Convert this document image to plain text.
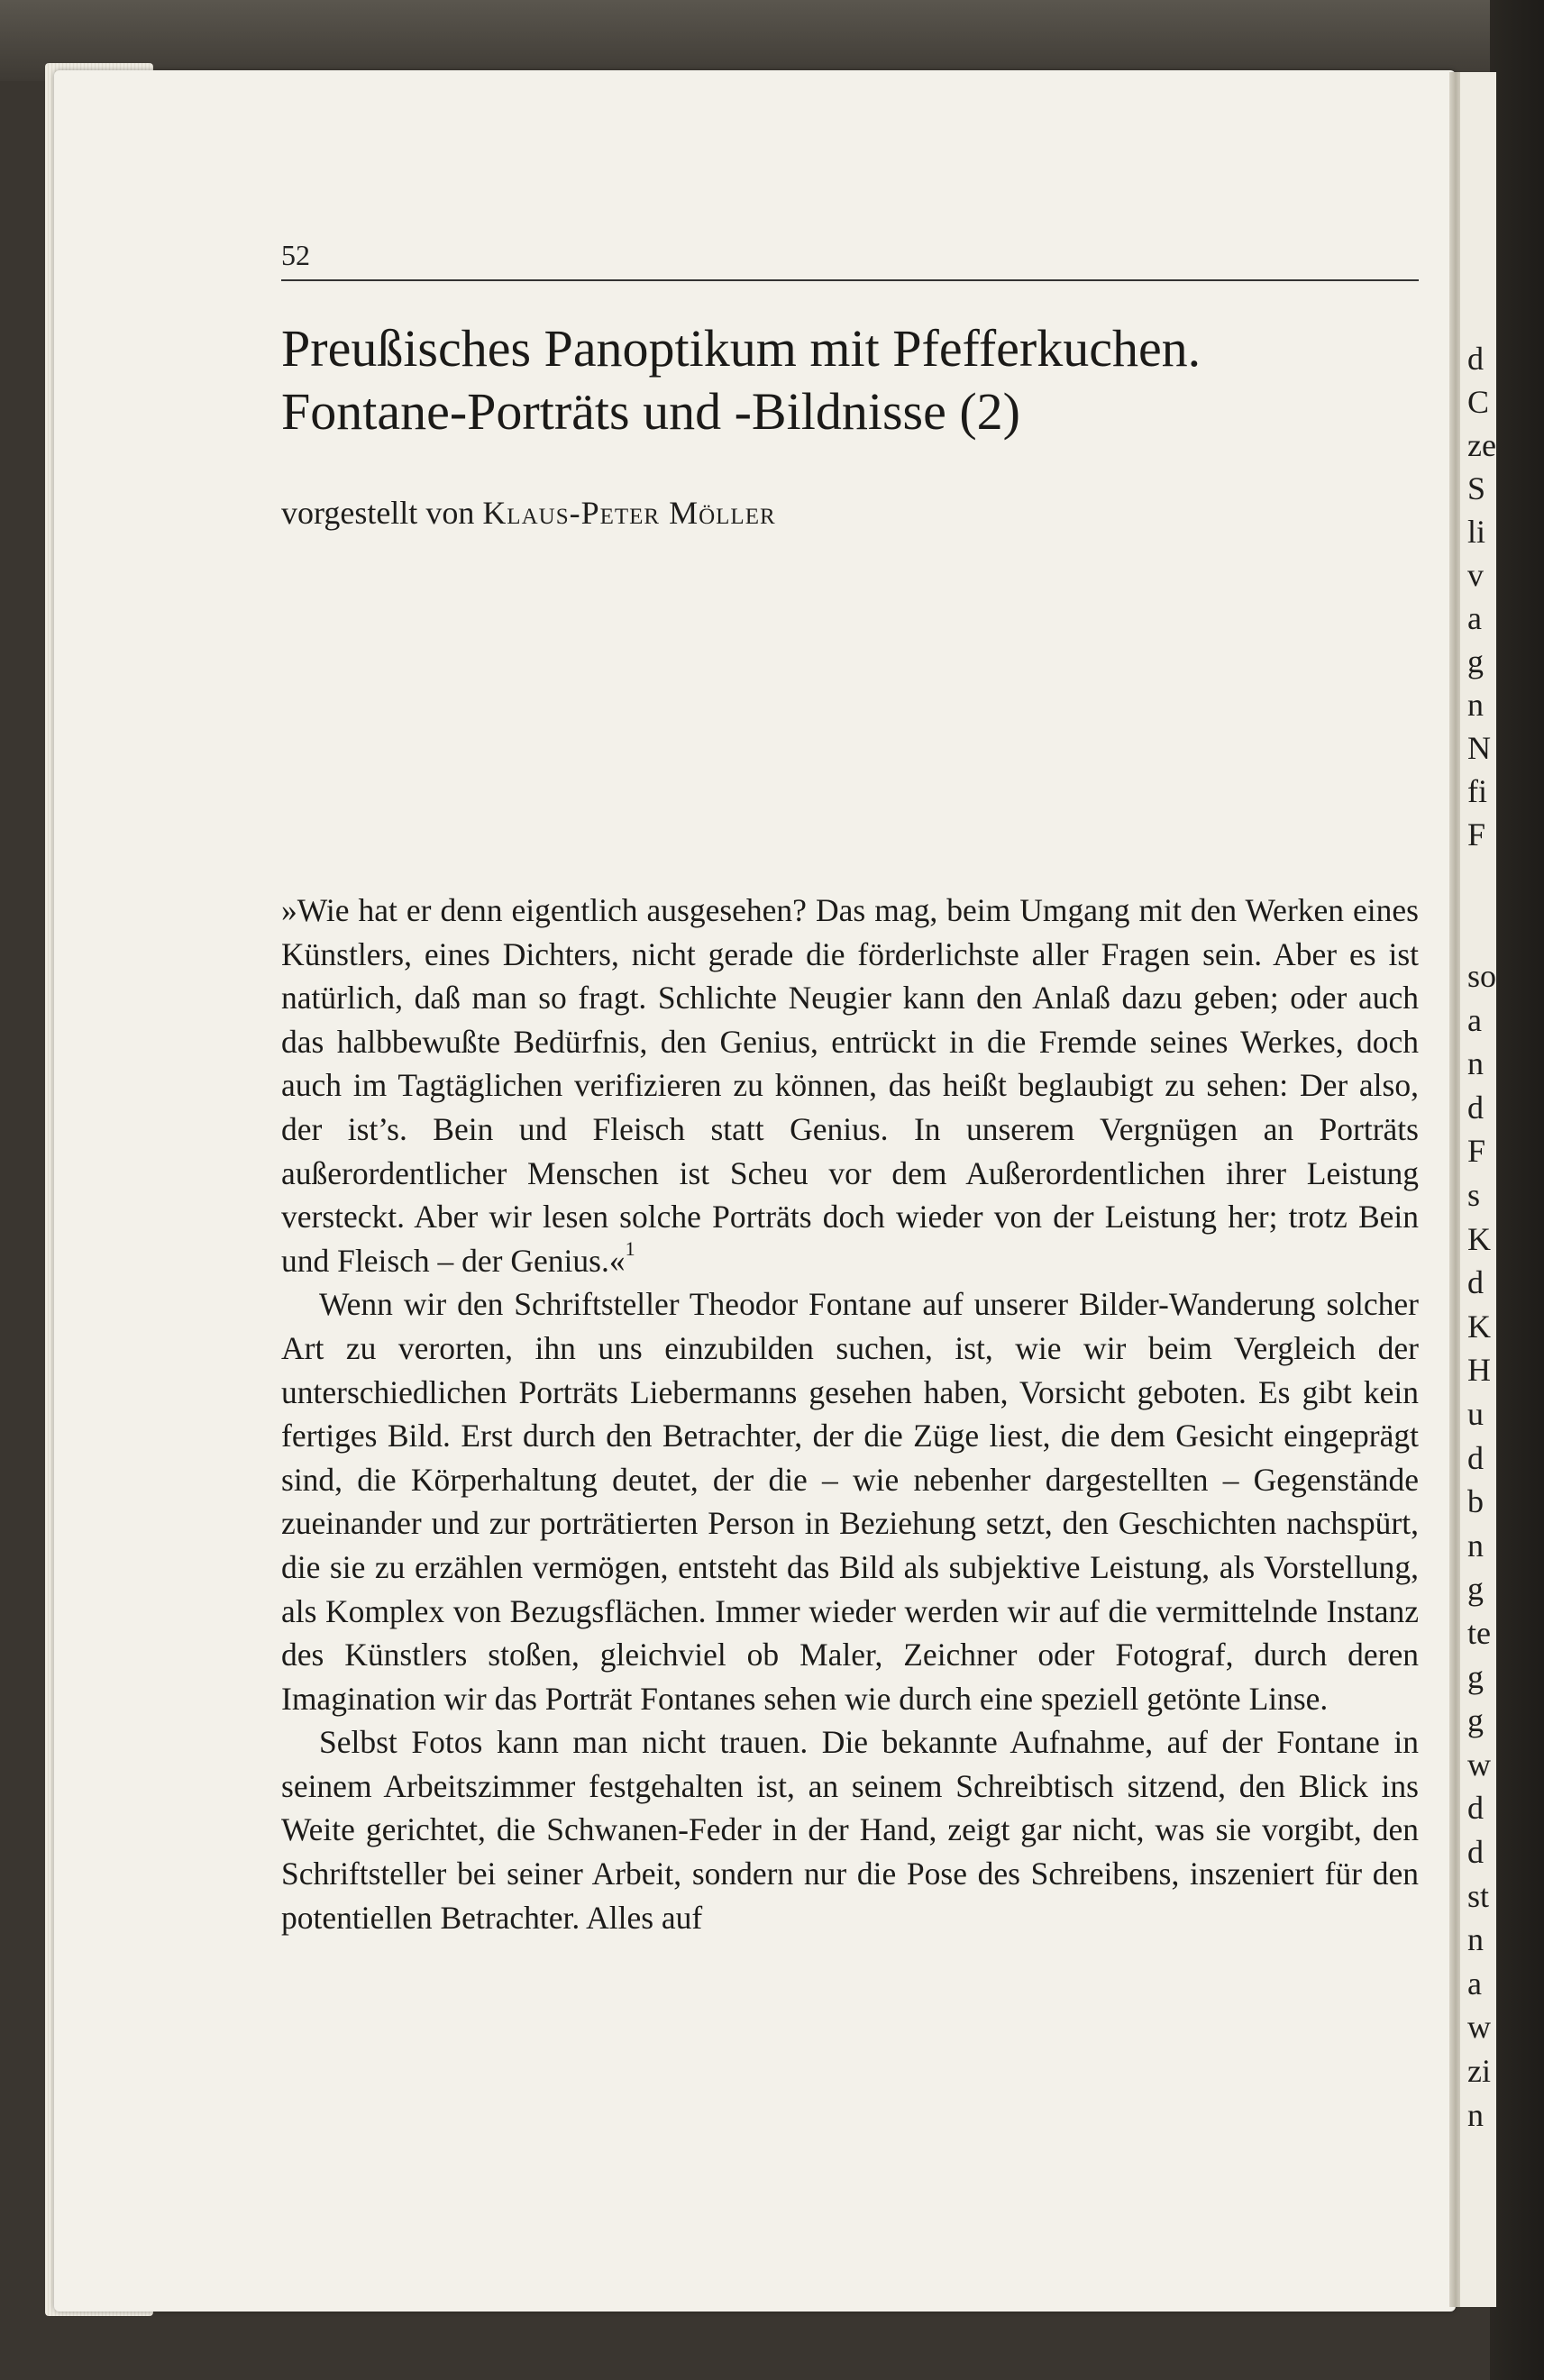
d
C
ze
S
li
v
a
g
n
N
fi
F
so
a
n
d
F
s
K
d
K
H
u
d
b
n
g
te
g
g
w
d
d
st
n
a
w
zi
n
52
Preußisches Panoptikum mit Pfefferkuchen.
Fontane-Porträts und -Bildnisse (2)
vorgestellt von Klaus-Peter Möller

»Wie hat er denn eigentlich ausgesehen? Das mag, beim Umgang mit den Werken eines Künstlers, eines Dichters, nicht gerade die förderlichste aller Fragen sein. Aber es ist natürlich, daß man so fragt. Schlichte Neugier kann den Anlaß dazu geben; oder auch das halbbewußte Bedürfnis, den Genius, entrückt in die Fremde seines Werkes, doch auch im Tagtäglichen verifizieren zu können, das heißt beglaubigt zu sehen: Der also, der ist’s. Bein und Fleisch statt Genius. In unserem Vergnügen an Porträts außerordentlicher Menschen ist Scheu vor dem Außerordentlichen ihrer Leistung versteckt. Aber wir lesen solche Porträts doch wieder von der Leistung her; trotz Bein und Fleisch – der Genius.«$^1$

Wenn wir den Schriftsteller Theodor Fontane auf unserer Bilder-Wanderung solcher Art zu verorten, ihn uns einzubilden suchen, ist, wie wir beim Vergleich der unterschiedlichen Porträts Liebermanns gesehen haben, Vorsicht geboten. Es gibt kein fertiges Bild. Erst durch den Betrachter, der die Züge liest, die dem Gesicht eingeprägt sind, die Körperhaltung deutet, der die – wie nebenher dargestellten – Gegenstände zueinander und zur porträtierten Person in Beziehung setzt, den Geschichten nachspürt, die sie zu erzählen vermögen, entsteht das Bild als subjektive Leistung, als Vorstellung, als Komplex von Bezugsflächen. Immer wieder werden wir auf die vermittelnde Instanz des Künstlers stoßen, gleichviel ob Maler, Zeichner oder Fotograf, durch deren Imagination wir das Porträt Fontanes sehen wie durch eine speziell getönte Linse.

Selbst Fotos kann man nicht trauen. Die bekannte Aufnahme, auf der Fontane in seinem Arbeitszimmer festgehalten ist, an seinem Schreibtisch sitzend, den Blick ins Weite gerichtet, die Schwanen-Feder in der Hand, zeigt gar nicht, was sie vorgibt, den Schriftsteller bei seiner Arbeit, sondern nur die Pose des Schreibens, inszeniert für den potentiellen Betrachter. Alles auf
